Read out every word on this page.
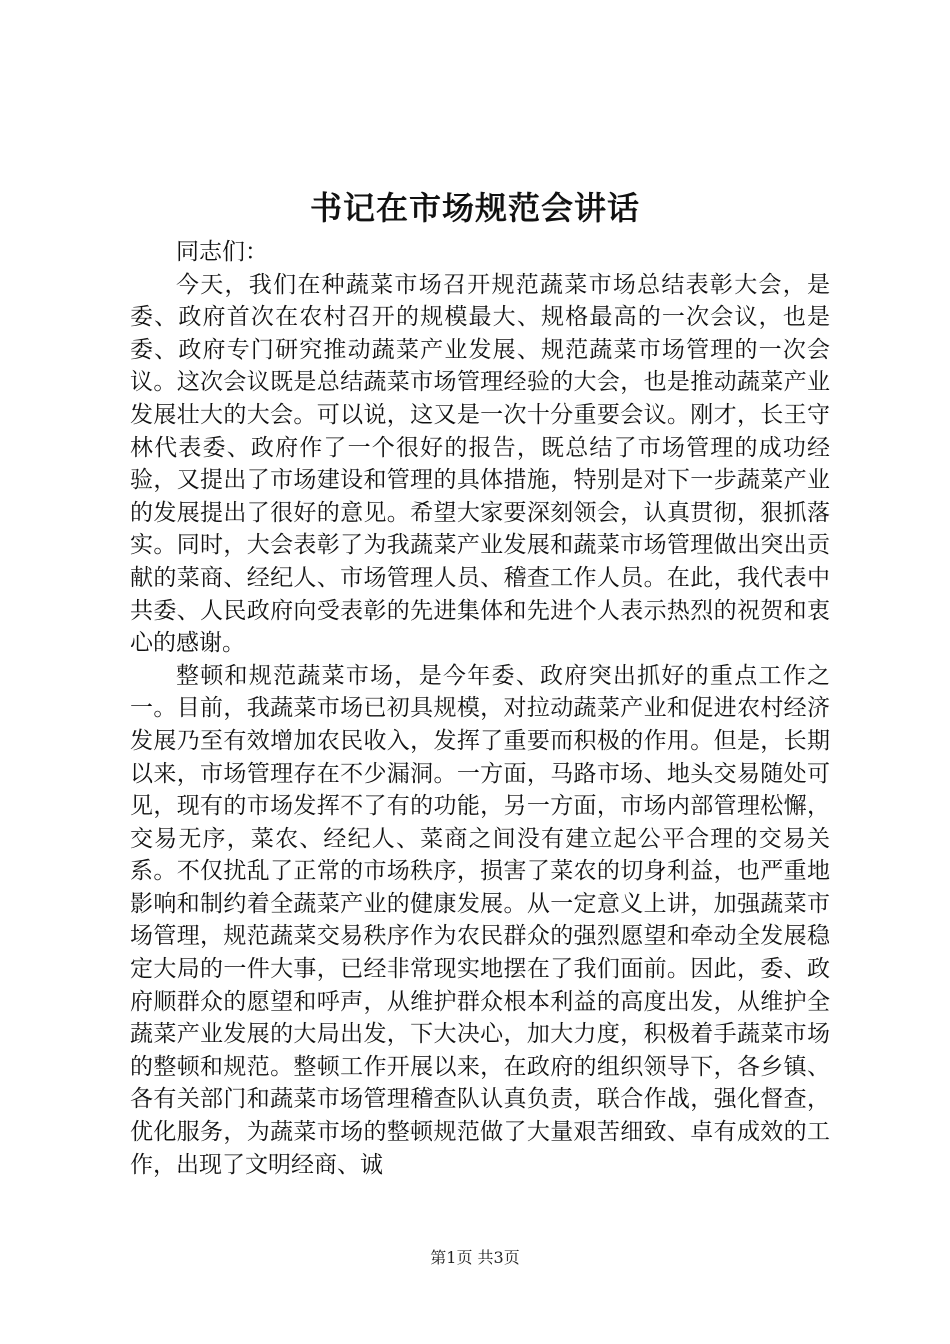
书记在市场规范会讲话

同志们：

今天，我们在种蔬菜市场召开规范蔬菜市场总结表彰大会，是委、政府首次在农村召开的规模最大、规格最高的一次会议，也是委、政府专门研究推动蔬菜产业发展、规范蔬菜市场管理的一次会议。这次会议既是总结蔬菜市场管理经验的大会，也是推动蔬菜产业发展壮大的大会。可以说，这又是一次十分重要会议。刚才，长王守林代表委、政府作了一个很好的报告，既总结了市场管理的成功经验，又提出了市场建设和管理的具体措施，特别是对下一步蔬菜产业的发展提出了很好的意见。希望大家要深刻领会，认真贯彻，狠抓落实。同时，大会表彰了为我蔬菜产业发展和蔬菜市场管理做出突出贡献的菜商、经纪人、市场管理人员、稽查工作人员。在此，我代表中共委、人民政府向受表彰的先进集体和先进个人表示热烈的祝贺和衷心的感谢。

整顿和规范蔬菜市场，是今年委、政府突出抓好的重点工作之一。目前，我蔬菜市场已初具规模，对拉动蔬菜产业和促进农村经济发展乃至有效增加农民收入，发挥了重要而积极的作用。但是，长期以来，市场管理存在不少漏洞。一方面，马路市场、地头交易随处可见，现有的市场发挥不了有的功能，另一方面，市场内部管理松懈，交易无序，菜农、经纪人、菜商之间没有建立起公平合理的交易关系。不仅扰乱了正常的市场秩序，损害了菜农的切身利益，也严重地影响和制约着全蔬菜产业的健康发展。从一定意义上讲，加强蔬菜市场管理，规范蔬菜交易秩序作为农民群众的强烈愿望和牵动全发展稳定大局的一件大事，已经非常现实地摆在了我们面前。因此，委、政府顺群众的愿望和呼声，从维护群众根本利益的高度出发，从维护全蔬菜产业发展的大局出发，下大决心，加大力度，积极着手蔬菜市场的整顿和规范。整顿工作开展以来，在政府的组织领导下，各乡镇、各有关部门和蔬菜市场管理稽查队认真负责，联合作战，强化督查，优化服务，为蔬菜市场的整顿规范做了大量艰苦细致、卓有成效的工作，出现了文明经商、诚

第1页 共3页
